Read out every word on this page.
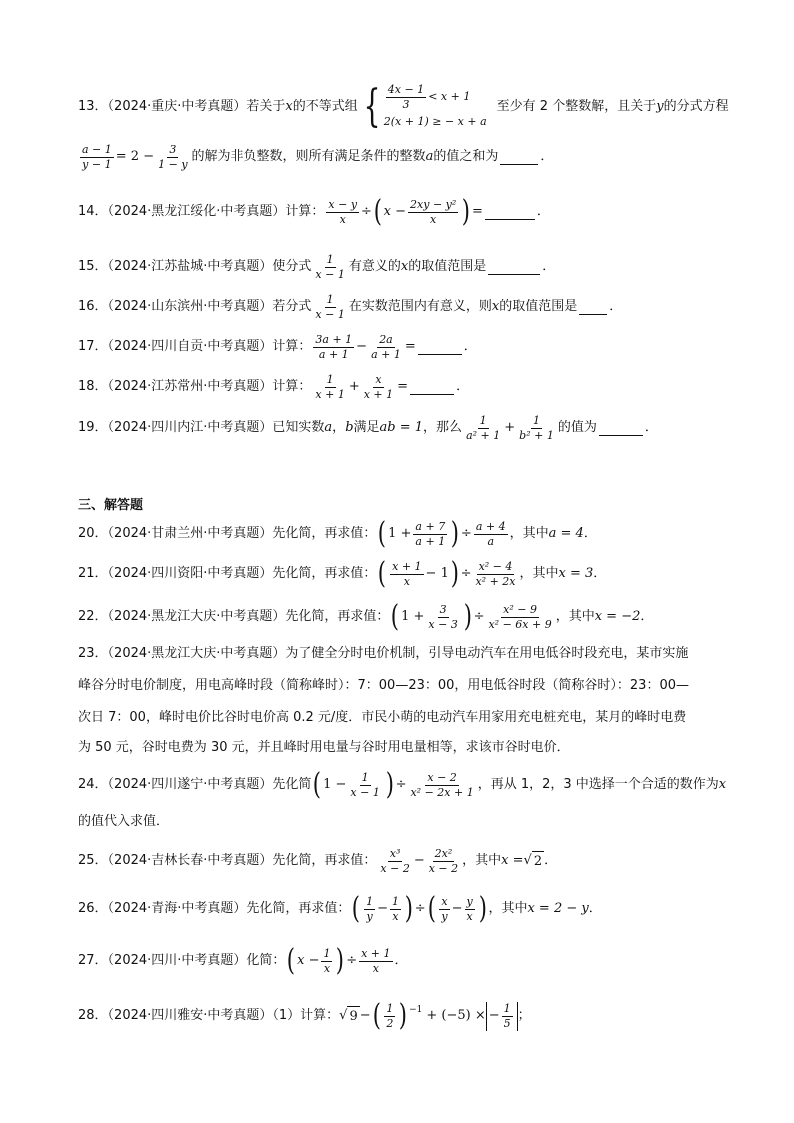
13．（2024·重庆·中考真题）若关于 x 的不等式组 { $\frac{4x - 1}{3} < x + 1$
2(x + 1) ≥ − x + a
至少有 2 个整数解，且关于 y 的分式方程
$\frac{a - 1}{y - 1} = 2 - \frac{3}{1 - y}$ 的解为非负整数，则所有满足条件的整数 a 的值之和为	．
14．（2024·黑龙江绥化·中考真题）计算： $\frac{x - y}{x}$ ÷ ( $x - \frac{\text{2xy − y²}}{x}$ ) =	．
15．（2024·江苏盐城·中考真题）使分式 $\frac{1}{x - 1}$ 有意义的 x 的取值范围是	．
16．（2024·山东滨州·中考真题）若分式 $\frac{1}{x - 1}$ 在实数范围内有意义，则 x 的取值范围是 ．
17．（2024·四川自贡·中考真题）计算： $\frac{3a + 1}{a + 1} - \frac{2a}{a + 1}$ =	．
18．（2024·江苏常州·中考真题）计算： $\frac{1}{x + 1} + \frac{x}{x + 1}$ =	．
19．（2024·四川内江·中考真题）已知实数 a ， b 满足 ab = 1 ，那么 $\frac{1}{\text{a² + 1}} + \frac{1}{\text{b² + 1}}$ 的值为	．
三、解答题
20．（2024·甘肃兰州·中考真题）先化简，再求值： ( $1 + \frac{a + 7}{a + 1}$ ) ÷ $\frac{a + 4}{a}$ ，其中 a = 4 ．
21．（2024·四川资阳·中考真题）先化简，再求值： ( $\frac{x + 1}{x} - 1$ ) ÷ $\frac{\text{x² − 4}}{\text{x² + 2x}}$ ，其中 x = 3 ．
22．（2024·黑龙江大庆·中考真题）先化简，再求值： ( $1 + \frac{3}{x - 3}$ ) ÷ $\frac{\text{x² − 9}}{\text{x² − 6x + 9}}$ ，其中 x = −2 ．
23．（2024·黑龙江大庆·中考真题）为了健全分时电价机制，引导电动汽车在用电低谷时段充电，某市实施
峰谷分时电价制度，用电高峰时段（简称峰时）：7：00—23：00，用电低谷时段（简称谷时）：23：00—
次日 7：00，峰时电价比谷时电价高 0.2 元/度．市民小萌的电动汽车用家用充电桩充电，某月的峰时电费
为 50 元，谷时电费为 30 元，并且峰时用电量与谷时用电量相等，求该市谷时电价．
24．（2024·四川遂宁·中考真题）先化简 ( $1 - \frac{1}{x - 1}$ ) ÷ $\frac{x - 2}{\text{x² − 2x + 1}}$ ，再从 1，2，3 中选择一个合适的数作为 x
的值代入求值．
25．（2024·吉林长春·中考真题）先化简，再求值： $\frac{\text{x³}}{x - 2} - \frac{\text{2x²}}{x - 2}$ ，其中 x = √ 2 ．
26．（2024·青海·中考真题）先化简，再求值： ( $\frac{1}{y} - \frac{1}{x}$ ) ÷ ( $\frac{x}{y} - \frac{y}{x}$ ) ，其中 x = 2 − y ．
27．（2024·四川·中考真题）化简： ( $x - \frac{1}{x}$ ) ÷ $\frac{x + 1}{x}$ ．
28．（2024·四川雅安·中考真题）（1）计算： √ 9 − ( $\frac{1}{2}$ ) −1 + (−5) × − $\frac{1}{5}$ ；
